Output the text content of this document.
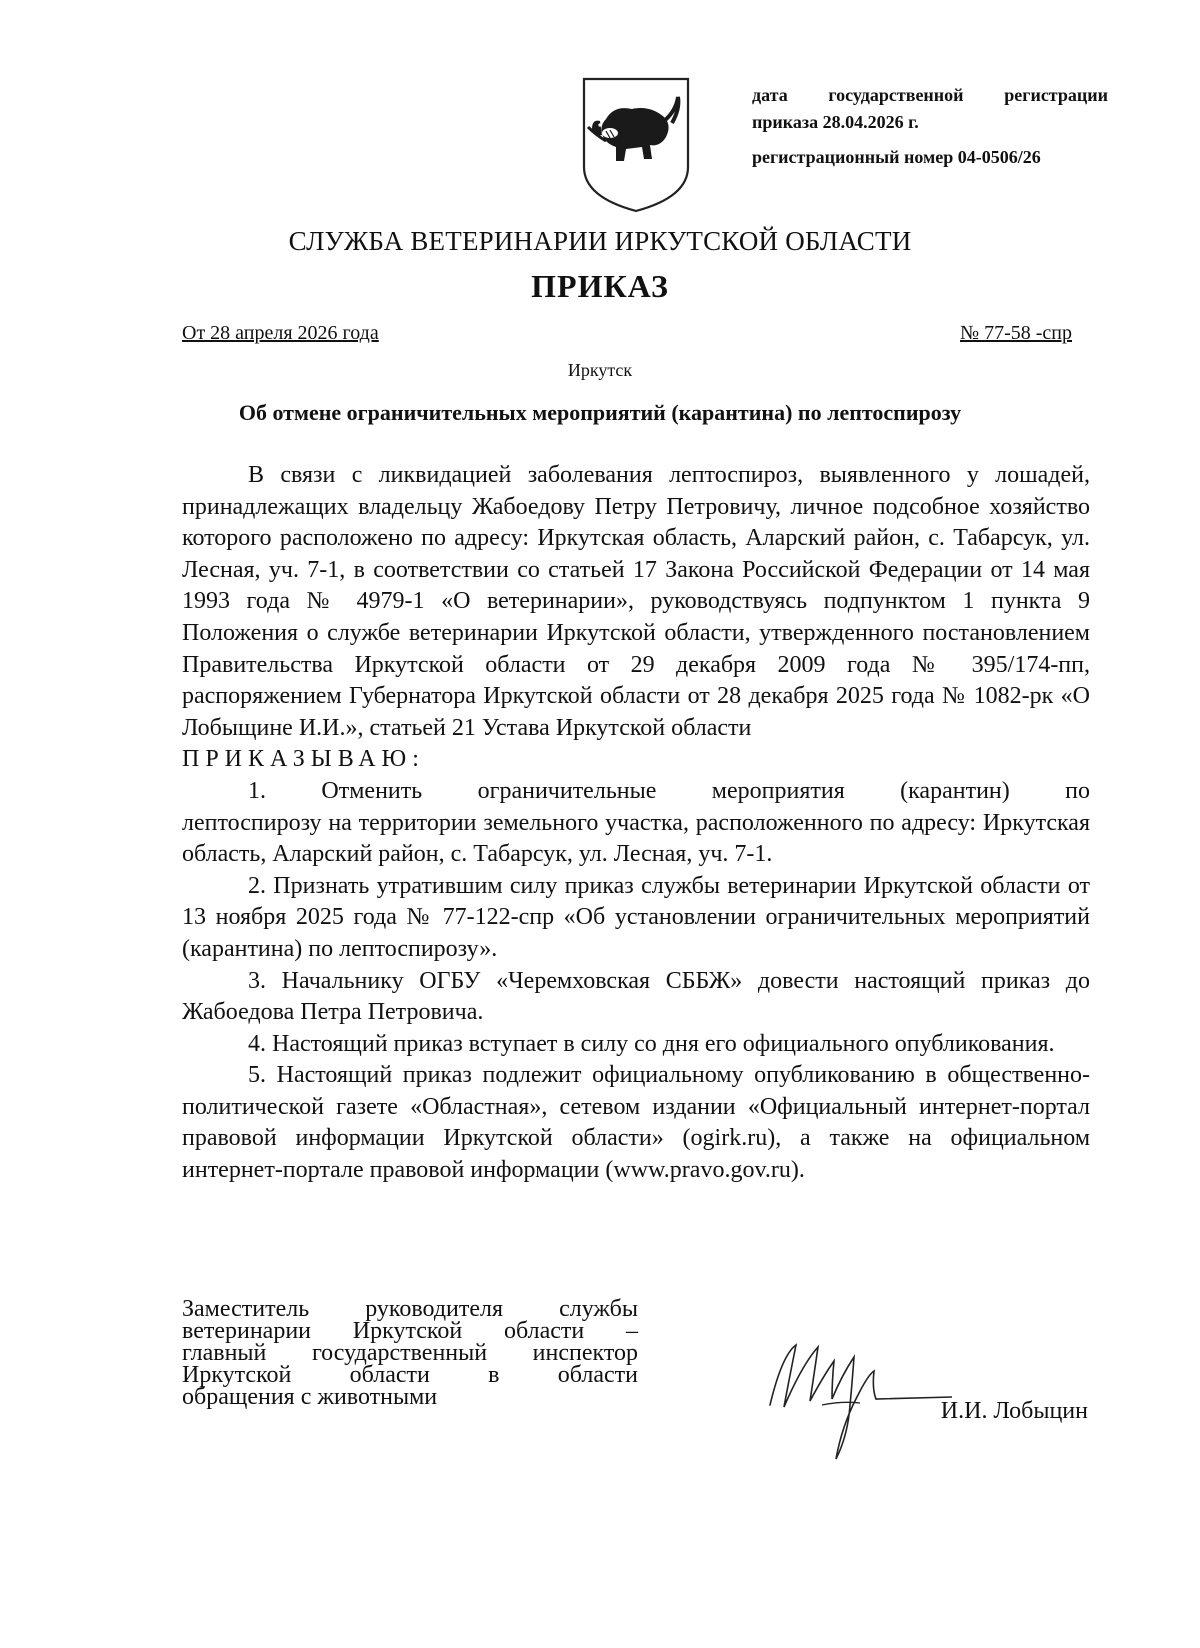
дата государственной регистрации
приказа 28.04.2026 г.
регистрационный номер 04-0506/26
СЛУЖБА ВЕТЕРИНАРИИ ИРКУТСКОЙ ОБЛАСТИ
ПРИКАЗ
От 28 апреля 2026 года	№ 77-58 -спр
Иркутск
Об отмене ограничительных мероприятий (карантина) по лептоспирозу

В связи с ликвидацией заболевания лептоспироз, выявленного у лошадей, принадлежащих владельцу Жабоедову Петру Петровичу, личное подсобное хозяйство которого расположено по адресу: Иркутская область, Аларский район, с. Табарсук, ул. Лесная, уч. 7-1, в соответствии со статьей 17 Закона Российской Федерации от 14 мая 1993 года № 4979-1 «О ветеринарии», руководствуясь подпунктом 1 пункта 9 Положения о службе ветеринарии Иркутской области, утвержденного постановлением Правительства Иркутской области от 29 декабря 2009 года № 395/174-пп, распоряжением Губернатора Иркутской области от 28 декабря 2025 года № 1082-рк «О Лобыщине И.И.», статьей 21 Устава Иркутской области

ПРИКАЗЫВАЮ:

1. Отменить ограничительные мероприятия (карантин) по

лептоспирозу на территории земельного участка, расположенного по адресу: Иркутская область, Аларский район, с. Табарсук, ул. Лесная, уч. 7-1.

2. Признать утратившим силу приказ службы ветеринарии Иркутской области от 13 ноября 2025 года № 77-122-спр «Об установлении ограничительных мероприятий (карантина) по лептоспирозу».

3. Начальнику ОГБУ «Черемховская СББЖ» довести настоящий приказ до Жабоедова Петра Петровича.

4. Настоящий приказ вступает в силу со дня его официального опубликования.

5. Настоящий приказ подлежит официальному опубликованию в общественно-политической газете «Областная», сетевом издании «Официальный интернет-портал правовой информации Иркутской области» (ogirk.ru), а также на официальном интернет-портале правовой информации (www.pravo.gov.ru).

Заместитель руководителя службы
ветеринарии Иркутской области –
главный государственный инспектор
Иркутской области в области
обращения с животными
И.И. Лобыцин
